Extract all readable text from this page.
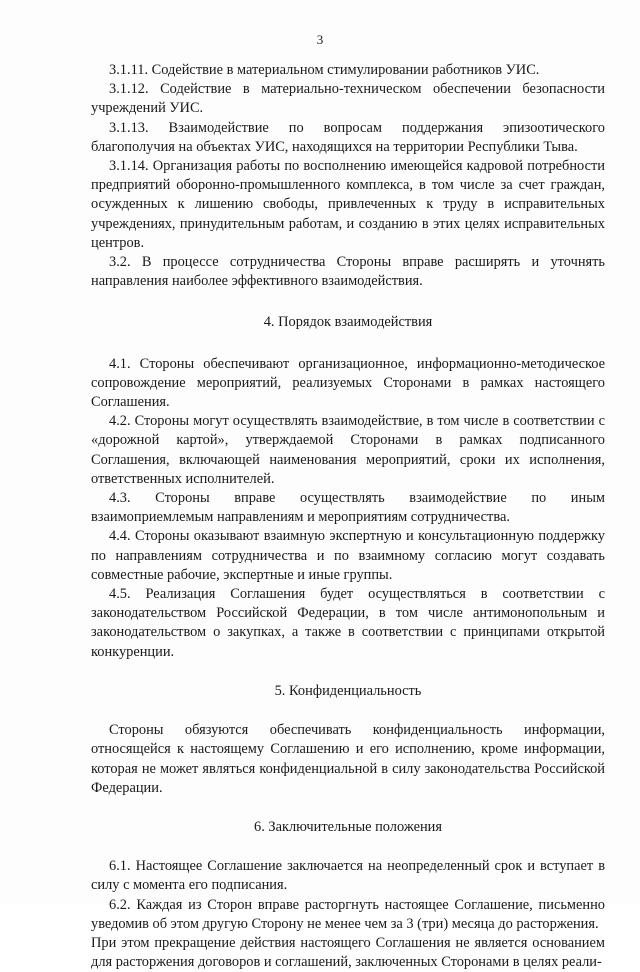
3

3.1.11. Содействие в материальном стимулировании работников УИС.

3.1.12. Содействие в материально-техническом обеспечении безопасности учреждений УИС.

3.1.13. Взаимодействие по вопросам поддержания эпизоотического благополучия на объектах УИС, находящихся на территории Республики Тыва.

3.1.14. Организация работы по восполнению имеющейся кадровой потребности предприятий оборонно-промышленного комплекса, в том числе за счет граждан, осужденных к лишению свободы, привлеченных к труду в исправительных учреждениях, принудительным работам, и созданию в этих целях исправительных центров.

3.2. В процессе сотрудничества Стороны вправе расширять и уточнять направления наиболее эффективного взаимодействия.

4. Порядок взаимодействия

4.1. Стороны обеспечивают организационное, информационно-методическое сопровождение мероприятий, реализуемых Сторонами в рамках настоящего Соглашения.

4.2. Стороны могут осуществлять взаимодействие, в том числе в соответствии с «дорожной картой», утверждаемой Сторонами в рамках подписанного Соглашения, включающей наименования мероприятий, сроки их исполнения, ответственных исполнителей.

4.3. Стороны вправе осуществлять взаимодействие по иным взаимоприемлемым направлениям и мероприятиям сотрудничества.

4.4. Стороны оказывают взаимную экспертную и консультационную поддержку по направлениям сотрудничества и по взаимному согласию могут создавать совместные рабочие, экспертные и иные группы.

4.5. Реализация Соглашения будет осуществляться в соответствии с законодательством Российской Федерации, в том числе антимонопольным и законодательством о закупках, а также в соответствии с принципами открытой конкуренции.

5. Конфиденциальность

Стороны обязуются обеспечивать конфиденциальность информации, относящейся к настоящему Соглашению и его исполнению, кроме информации, которая не может являться конфиденциальной в силу законодательства Российской Федерации.

6. Заключительные положения

6.1. Настоящее Соглашение заключается на неопределенный срок и вступает в силу с момента его подписания.

6.2. Каждая из Сторон вправе расторгнуть настоящее Соглашение, письменно уведомив об этом другую Сторону не менее чем за 3 (три) месяца до расторжения.

При этом прекращение действия настоящего Соглашения не является основанием для расторжения договоров и соглашений, заключенных Сторонами в целях реали-
